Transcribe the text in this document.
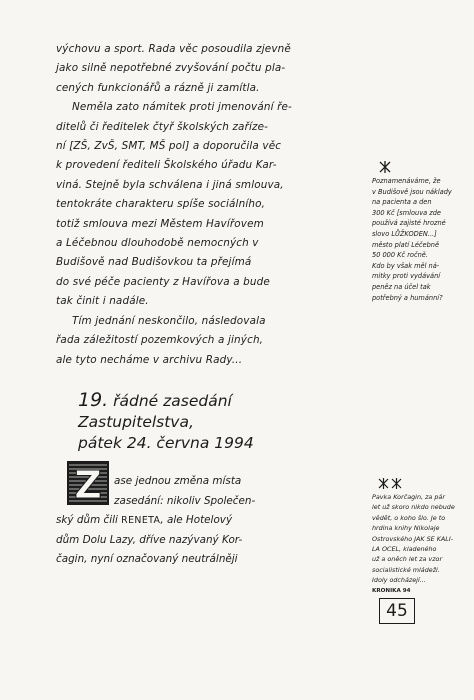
výchovu a sport. Rada věc posoudila zjevně
jako silně nepotřebné zvyšování počtu pla-
cených funkcionářů a rázně ji zamítla.
Neměla zato námitek proti jmenování ře-
ditelů či ředitelek čtyř školských zaříze-
ní [ZŠ, ZvŠ, SMT, MŠ pol] a doporučila věc
k provedení řediteli Školského úřadu Kar-
viná. Stejně byla schválena i jiná smlouva,
tentokráte charakteru spíše sociálního,
totiž smlouva mezi Městem Havířovem
a Léčebnou dlouhodobě nemocných v
Budišově nad Budišovkou ta přejímá
do své péče pacienty z Havířova a bude
tak činit i nadále.
Tím jednání neskončilo, následovala
řada záležitostí pozemkových a jiných,
ale tyto necháme v archivu Rady...
Poznamenáváme, že
v Budišově jsou náklady
na pacienta a den
300 Kč [smlouva zde
používá zajisté hrozné
slovo LŮŽKODEN...]
město platí Léčebně
50 000 Kč ročně.
Kdo by však měl ná-
mitky proti vydávání
peněz na účel tak
potřebný a humánní?
19. řádné zasedání
Zastupitelstva,
pátek 24. června 1994
Z	ase jednou změna místa
zasedání: nikoliv Společen-
ský dům čili RENETA, ale Hotelový
dům Dolu Lazy, dříve nazývaný Kor-
čagin, nyní označovaný neutrálněji
Pavka Korčagin, za pár
let už skoro nikdo nebude
vědět, o koho šlo. Je to
hrdina knihy Nikolaje
Ostrovského JAK SE KALI-
LA OCEL, kladeného
už a oněch let za vzor
socialistické mládeži.
Idoly odcházejí...
KRONIKA 94
45
